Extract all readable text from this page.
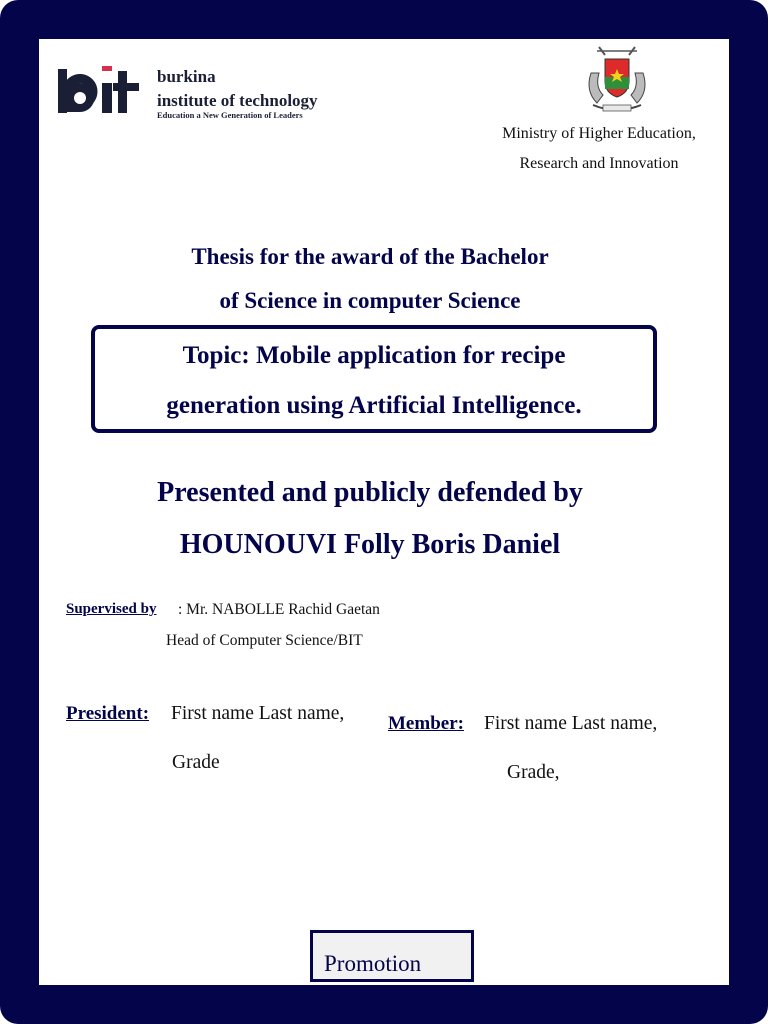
burkina
institute of technology
Education a New Generation of Leaders
Ministry of Higher Education,
Research and Innovation
Thesis for the award of the Bachelor
of Science in computer Science
Topic: Mobile application for recipe
generation using Artificial Intelligence.
Presented and publicly defended by
HOUNOUVI Folly Boris Daniel
Supervised by : Mr. NABOLLE Rachid Gaetan
Head of Computer Science/BIT
President: First name Last name,
Grade
Member: First name Last name,
Grade,
Promotion
